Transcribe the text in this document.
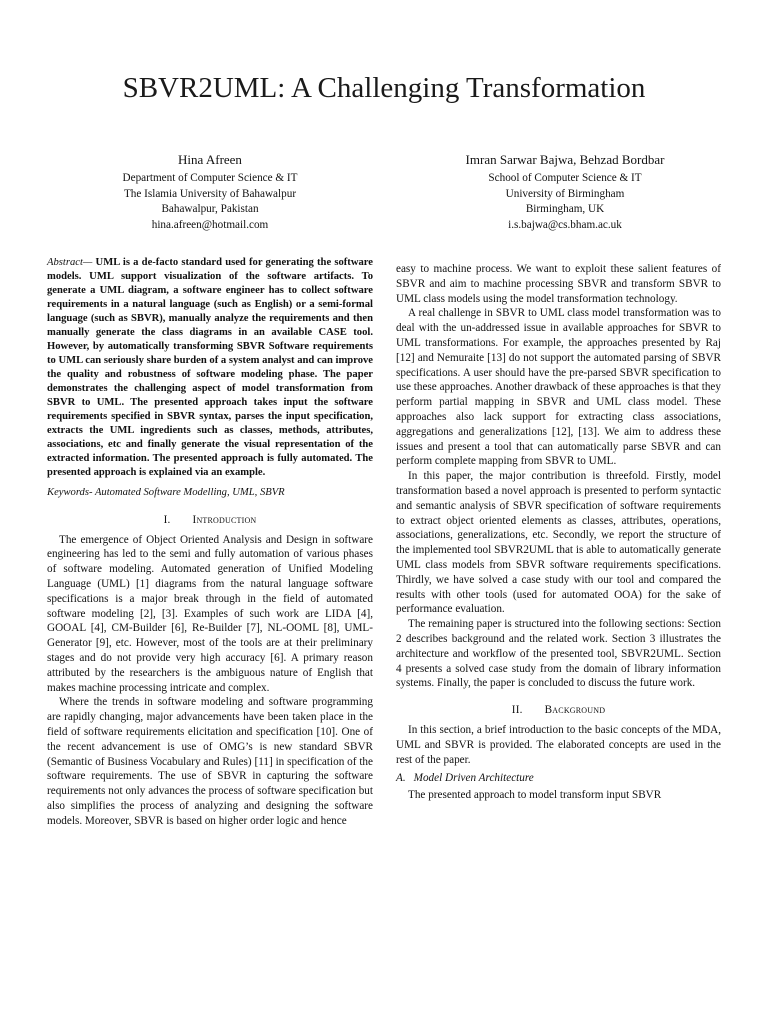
SBVR2UML: A Challenging Transformation
Hina Afreen
Department of Computer Science & IT
The Islamia University of Bahawalpur
Bahawalpur, Pakistan
hina.afreen@hotmail.com
Imran Sarwar Bajwa, Behzad Bordbar
School of Computer Science & IT
University of Birmingham
Birmingham, UK
i.s.bajwa@cs.bham.ac.uk

Abstract— UML is a de-facto standard used for generating the software models. UML support visualization of the software artifacts. To generate a UML diagram, a software engineer has to collect software requirements in a natural language (such as English) or a semi-formal language (such as SBVR), manually analyze the requirements and then manually generate the class diagrams in an available CASE tool. However, by automatically transforming SBVR Software requirements to UML can seriously share burden of a system analyst and can improve the quality and robustness of software modeling phase. The paper demonstrates the challenging aspect of model transformation from SBVR to UML. The presented approach takes input the software requirements specified in SBVR syntax, parses the input specification, extracts the UML ingredients such as classes, methods, attributes, associations, etc and finally generate the visual representation of the extracted information. The presented approach is fully automated. The presented approach is explained via an example.

Keywords- Automated Software Modelling, UML, SBVR

I. Introduction

The emergence of Object Oriented Analysis and Design in software engineering has led to the semi and fully automation of various phases of software modeling. Automated generation of Unified Modeling Language (UML) [1] diagrams from the natural language software specifications is a major break through in the field of automated software modeling [2], [3]. Examples of such work are LIDA [4], GOOAL [4], CM-Builder [6], Re-Builder [7], NL-OOML [8], UML-Generator [9], etc. However, most of the tools are at their preliminary stages and do not provide very high accuracy [6]. A primary reason attributed by the researchers is the ambiguous nature of English that makes machine processing intricate and complex.

Where the trends in software modeling and software programming are rapidly changing, major advancements have been taken place in the field of software requirements elicitation and specification [10]. One of the recent advancement is use of OMG’s is new standard SBVR (Semantic of Business Vocabulary and Rules) [11] in specification of the software requirements. The use of SBVR in capturing the software requirements not only advances the process of software specification but also simplifies the process of analyzing and designing the software models. Moreover, SBVR is based on higher order logic and hence

easy to machine process. We want to exploit these salient features of SBVR and aim to machine processing SBVR and transform SBVR to UML class models using the model transformation technology.

A real challenge in SBVR to UML class model transformation was to deal with the un-addressed issue in available approaches for SBVR to UML transformations. For example, the approaches presented by Raj [12] and Nemuraite [13] do not support the automated parsing of SBVR specifications. A user should have the pre-parsed SBVR specification to use these approaches. Another drawback of these approaches is that they perform partial mapping in SBVR and UML class model. These approaches also lack support for extracting class associations, aggregations and generalizations [12], [13]. We aim to address these issues and present a tool that can automatically parse SBVR and can perform complete mapping from SBVR to UML.

In this paper, the major contribution is threefold. Firstly, model transformation based a novel approach is presented to perform syntactic and semantic analysis of SBVR specification of software requirements to extract object oriented elements as classes, attributes, operations, associations, generalizations, etc. Secondly, we report the structure of the implemented tool SBVR2UML that is able to automatically generate UML class models from SBVR software requirements specifications. Thirdly, we have solved a case study with our tool and compared the results with other tools (used for automated OOA) for the sake of performance evaluation.

The remaining paper is structured into the following sections: Section 2 describes background and the related work. Section 3 illustrates the architecture and workflow of the presented tool, SBVR2UML. Section 4 presents a solved case study from the domain of library information systems. Finally, the paper is concluded to discuss the future work.

II. Background

In this section, a brief introduction to the basic concepts of the MDA, UML and SBVR is provided. The elaborated concepts are used in the rest of the paper.

A. Model Driven Architecture

The presented approach to model transform input SBVR
